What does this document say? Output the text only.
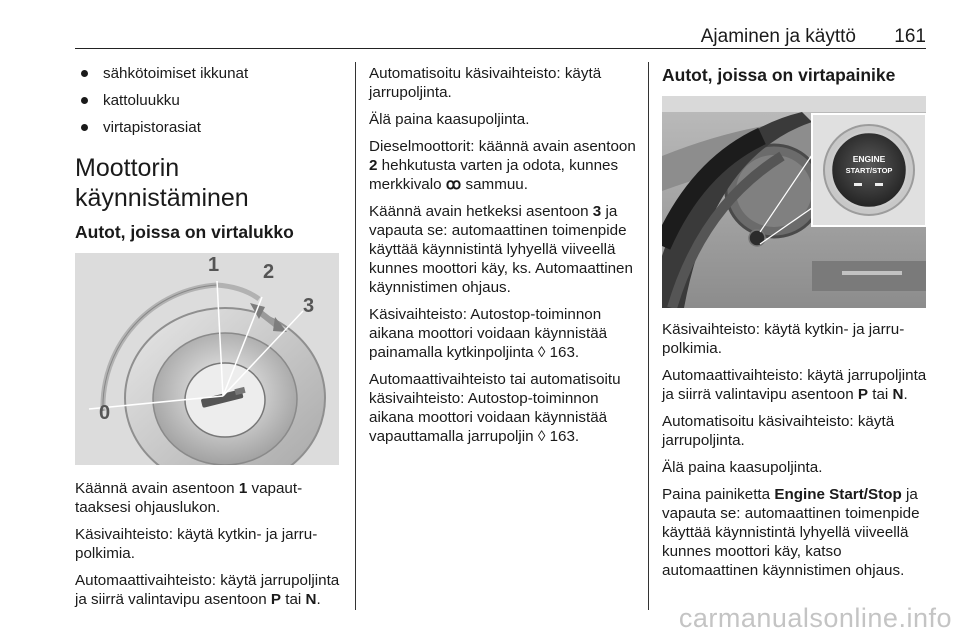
Ajaminen ja käyttö 161
sähkötoimiset ikkunat
kattoluukku
virtapistorasiat
Moottorin käynnistäminen
Autot, joissa on virtalukko
0
1 2
3

Käännä avain asentoon 1 vapauttaaksesi ohjauslukon.

Käsivaihteisto: käytä kytkin- ja jarrupolkimia.

Automaattivaihteisto: käytä jarrupoljinta ja siirrä valintavipu asentoon P tai N.

Automatisoitu käsivaihteisto: käytä jarrupoljinta.

Älä paina kaasupoljinta.

Dieselmoottorit: käännä avain asentoon 2 hehkutusta varten ja odota, kunnes merkkivalo ꝏ sammuu.

Käännä avain hetkeksi asentoon 3 ja vapauta se: automaattinen toimenpide käyttää käynnistintä lyhyellä viiveellä kunnes moottori käy, ks. Automaattinen käynnistimen ohjaus.

Käsivaihteisto: Autostop-toiminnon aikana moottori voidaan käynnistää painamalla kytkinpoljinta ◊ 163.

Automaattivaihteisto tai automatisoitu käsivaihteisto: Autostop-toiminnon aikana moottori voidaan käynnistää vapauttamalla jarrupoljin ◊ 163.

Autot, joissa on virtapainike
ENGINE
START/STOP

Käsivaihteisto: käytä kytkin- ja jarrupolkimia.

Automaattivaihteisto: käytä jarrupoljinta ja siirrä valintavipu asentoon P tai N.

Automatisoitu käsivaihteisto: käytä jarrupoljinta.

Älä paina kaasupoljinta.

Paina painiketta Engine Start/Stop ja vapauta se: automaattinen toimenpide käyttää käynnistintä lyhyellä viiveellä kunnes moottori käy, katso automaattinen käynnistimen ohjaus.

carmanualsonline.info
